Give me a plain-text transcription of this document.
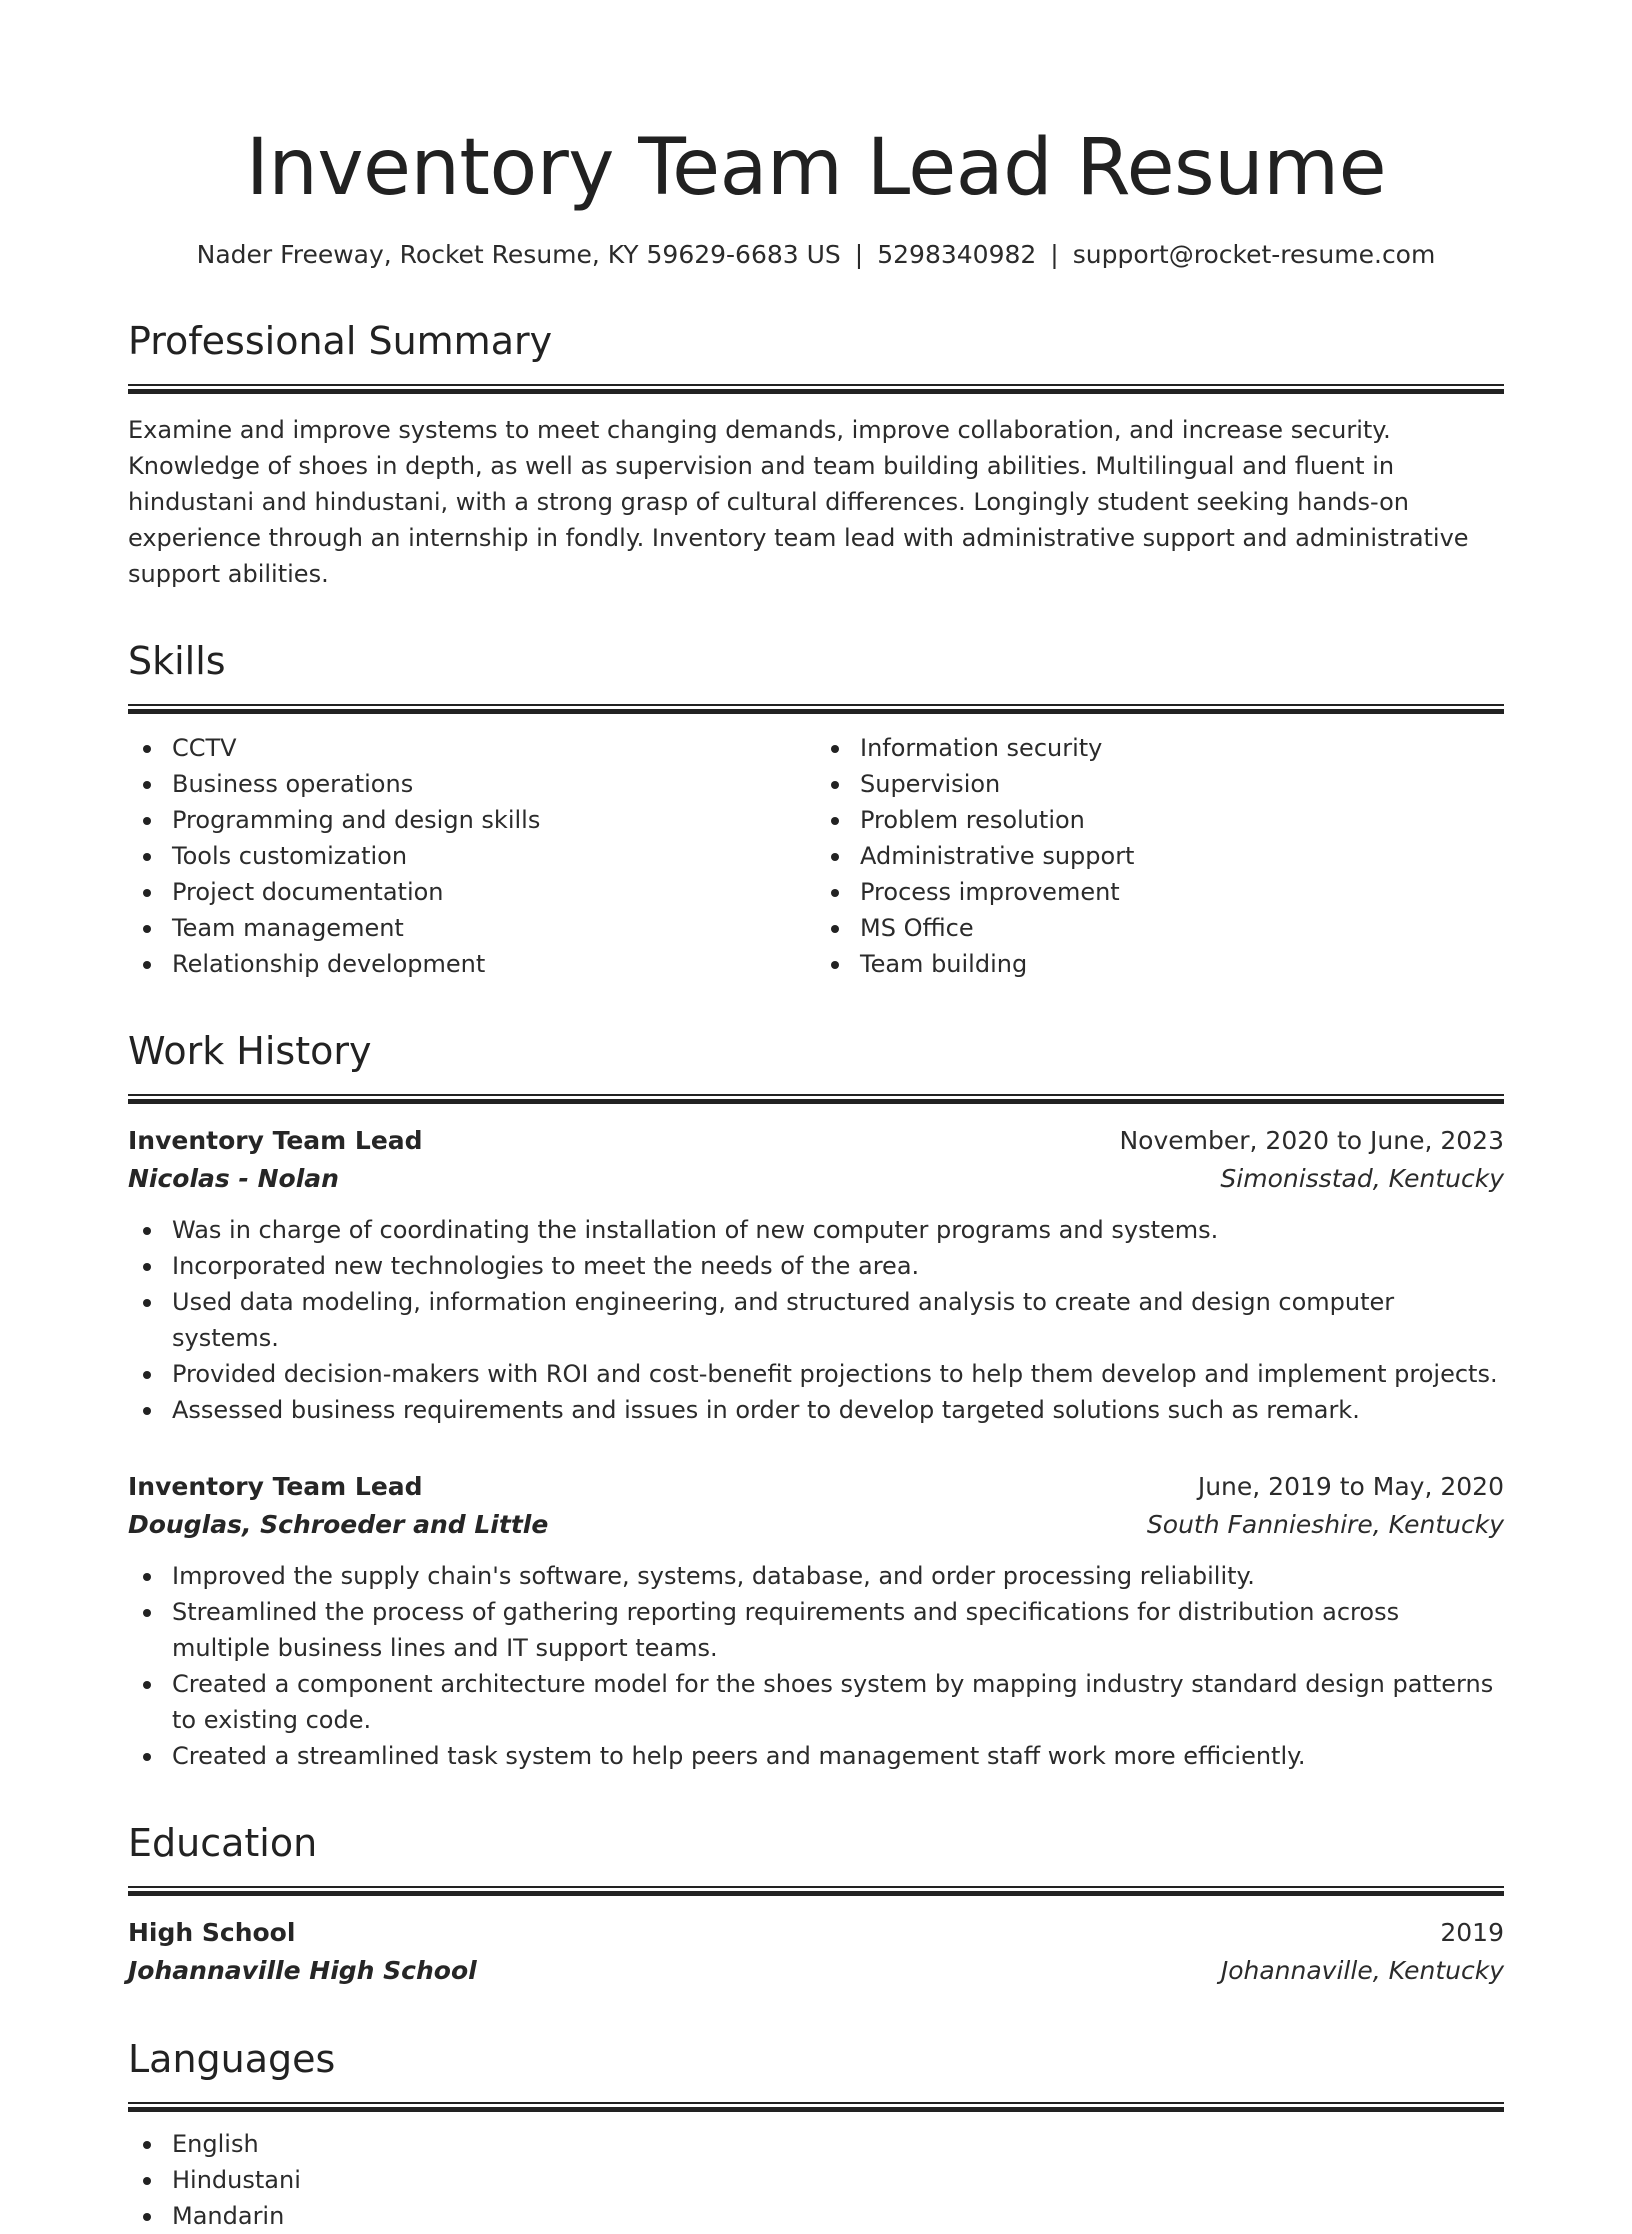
Inventory Team Lead Resume
Nader Freeway, Rocket Resume, KY 59629-6683 US | 5298340982 | support@rocket-resume.com
Professional Summary

Examine and improve systems to meet changing demands, improve collaboration, and increase security. Knowledge of shoes in depth, as well as supervision and team building abilities. Multilingual and fluent in hindustani and hindustani, with a strong grasp of cultural differences. Longingly student seeking hands-on experience through an internship in fondly. Inventory team lead with administrative support and administrative support abilities.

Skills
CCTV
Business operations
Programming and design skills
Tools customization
Project documentation
Team management
Relationship development
Information security
Supervision
Problem resolution
Administrative support
Process improvement
MS Office
Team building
Work History
Inventory Team Lead	November, 2020 to June, 2023
Nicolas - Nolan	Simonisstad, Kentucky
Was in charge of coordinating the installation of new computer programs and systems.
Incorporated new technologies to meet the needs of the area.
Used data modeling, information engineering, and structured analysis to create and design computer systems.
Provided decision-makers with ROI and cost-benefit projections to help them develop and implement projects.
Assessed business requirements and issues in order to develop targeted solutions such as remark.
Inventory Team Lead	June, 2019 to May, 2020
Douglas, Schroeder and Little	South Fannieshire, Kentucky
Improved the supply chain's software, systems, database, and order processing reliability.
Streamlined the process of gathering reporting requirements and specifications for distribution across multiple business lines and IT support teams.
Created a component architecture model for the shoes system by mapping industry standard design patterns to existing code.
Created a streamlined task system to help peers and management staff work more efficiently.
Education
High School	2019
Johannaville High School	Johannaville, Kentucky
Languages
English
Hindustani
Mandarin
